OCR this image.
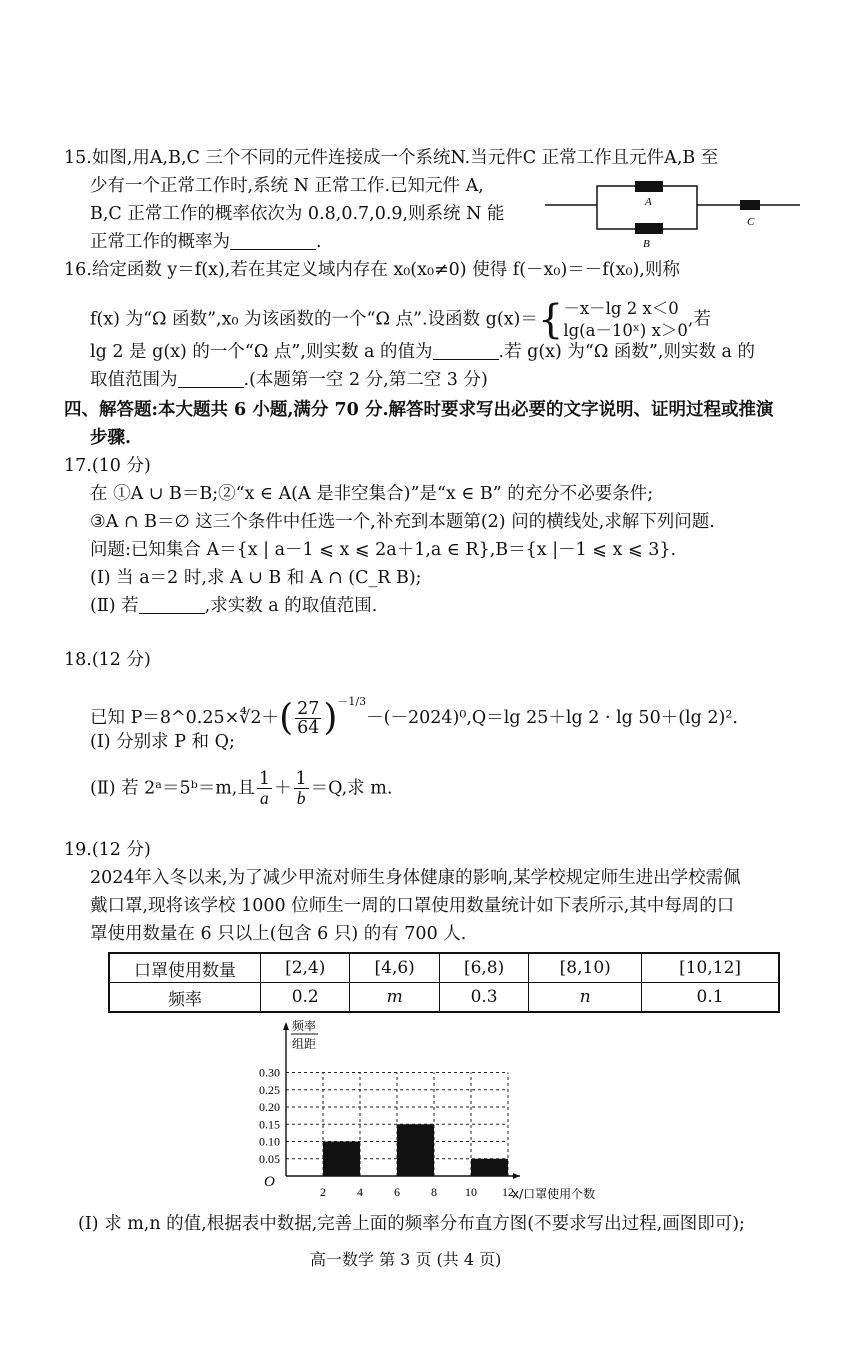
15.如图,用A,B,C 三个不同的元件连接成一个系统N.当元件C 正常工作且元件A,B 至
少有一个正常工作时,系统 N 正常工作.已知元件 A,
B,C 正常工作的概率依次为 0.8,0.7,0.9,则系统 N 能
正常工作的概率为	.
A
B
C
16.给定函数 y＝f(x),若在其定义域内存在 x₀(x₀≠0) 使得 f(－x₀)＝－f(x₀),则称
f(x) 为“Ω 函数”,x₀ 为该函数的一个“Ω 点”.设函数 g(x)＝{ －x－lg 2 x＜0
lg(a－10ˣ) x＞0
,若
lg 2 是 g(x) 的一个“Ω 点”,则实数 a 的值为	.若 g(x) 为“Ω 函数”,则实数 a 的
取值范围为	.(本题第一空 2 分,第二空 3 分)
四、解答题:本大题共 6 小题,满分 70 分.解答时要求写出必要的文字说明、证明过程或推演
步骤.
17.(10 分)
在 ①A ∪ B＝B;②“x ∈ A(A 是非空集合)”是“x ∈ B” 的充分不必要条件;
③A ∩ B＝∅ 这三个条件中任选一个,补充到本题第(2) 问的横线处,求解下列问题.
问题:已知集合 A＝{x | a－1 ⩽ x ⩽ 2a＋1,a ∈ R},B＝{x |－1 ⩽ x ⩽ 3}.
(Ⅰ) 当 a＝2 时,求 A ∪ B 和 A ∩ (C_R B);
(Ⅱ) 若	,求实数 a 的取值范围.
18.(12 分)
已知 P＝8^0.25×∜2＋( $\frac{27}{64} )^{-1/3}-(-2024)^0,Q=\lg$ 25＋lg 2 · lg 50＋(lg 2)².
(Ⅰ) 分别求 P 和 Q;
(Ⅱ) 若 2ᵃ＝5ᵇ＝m,且 $\frac{1}{a} + \frac{1}{b} =Q$,求 m.
19.(12 分)
2024年入冬以来,为了减少甲流对师生身体健康的影响,某学校规定师生进出学校需佩
戴口罩,现将该学校 1000 位师生一周的口罩使用数量统计如下表所示,其中每周的口
罩使用数量在 6 只以上(包含 6 只) 的有 700 人.
口罩使用数量	[2,4)	[4,6)	[6,8)	[8,10)	[10,12]
频率	0.2	m	0.3	n	0.1
0.05
0.10
0.15
0.20
0.25
0.30
2	4	6	8 10 12
O
x/口罩使用个数
频率
组距
(Ⅰ) 求 m,n 的值,根据表中数据,完善上面的频率分布直方图(不要求写出过程,画图即可);
高一数学 第 3 页 (共 4 页)
